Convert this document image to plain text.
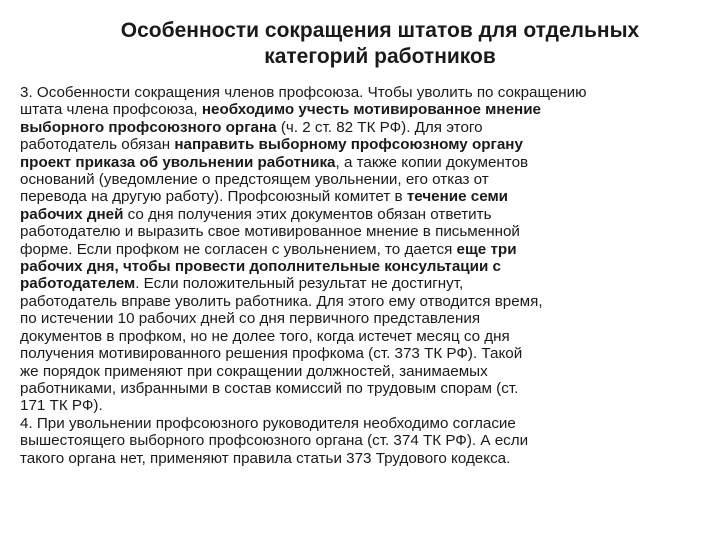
Особенности сокращения штатов для отдельных
категорий работников
3. Особенности сокращения членов профсоюза. Чтобы уволить по сокращению
штата члена профсоюза, необходимо учесть мотивированное мнение
выборного профсоюзного органа (ч. 2 ст. 82 ТК РФ). Для этого
работодатель обязан направить выборному профсоюзному органу
проект приказа об увольнении работника, а также копии документов
оснований (уведомление о предстоящем увольнении, его отказ от
перевода на другую работу). Профсоюзный комитет в течение семи
рабочих дней со дня получения этих документов обязан ответить
работодателю и выразить свое мотивированное мнение в письменной
форме. Если профком не согласен с увольнением, то дается еще три
рабочих дня, чтобы провести дополнительные консультации с
работодателем. Если положительный результат не достигнут,
работодатель вправе уволить работника. Для этого ему отводится время,
по истечении 10 рабочих дней со дня первичного представления
документов в профком, но не долее того, когда истечет месяц со дня
получения мотивированного решения профкома (ст. 373 ТК РФ). Такой
же порядок применяют при сокращении должностей, занимаемых
работниками, избранными в состав комиссий по трудовым спорам (ст.
171 ТК РФ).
4. При увольнении профсоюзного руководителя необходимо согласие
вышестоящего выборного профсоюзного органа (ст. 374 ТК РФ). А если
такого органа нет, применяют правила статьи 373 Трудового кодекса.
